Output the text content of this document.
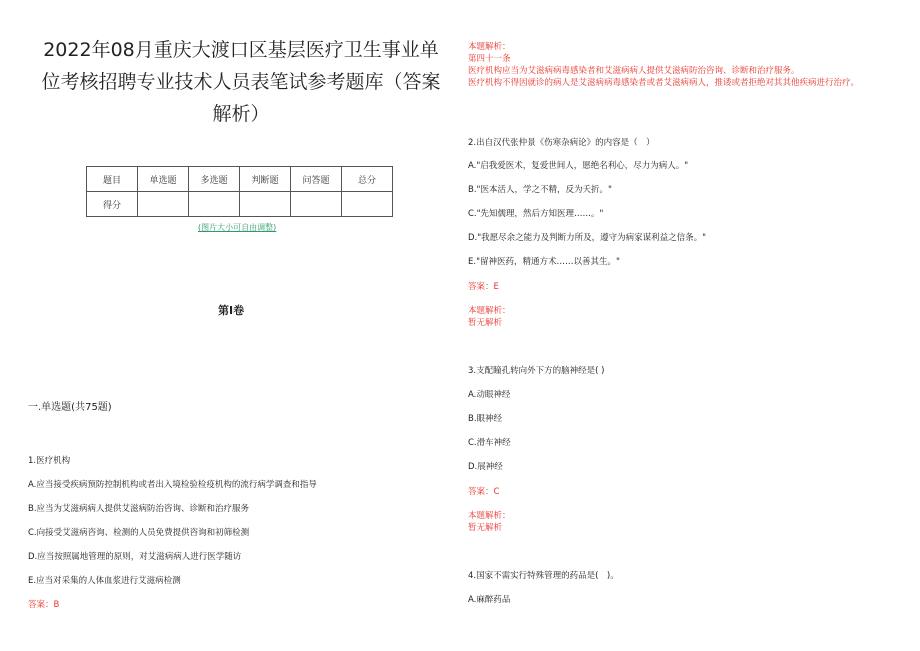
2022年08月重庆大渡口区基层医疗卫生事业单
位考核招聘专业技术人员表笔试参考题库（答案
解析）
题目	单选题	多选题	判断题	问答题	总分
得分					
(图片大小可自由调整)
第Ⅰ卷
一.单选题(共75题)
1.医疗机构
A.应当接受疾病预防控制机构或者出入境检验检疫机构的流行病学调查和指导
B.应当为艾滋病病人提供艾滋病防治咨询、诊断和治疗服务
C.向接受艾滋病咨询、检测的人员免费提供咨询和初筛检测
D.应当按照属地管理的原则，对艾滋病病人进行医学随访
E.应当对采集的人体血浆进行艾滋病检测
答案：B
本题解析：
第四十一条
医疗机构应当为艾滋病病毒感染者和艾滋病病人提供艾滋病防治咨询、诊断和治疗服务。
医疗机构不得因就诊的病人是艾滋病病毒感染者或者艾滋病病人，推诿或者拒绝对其其他疾病进行治疗。
2.出自汉代张仲景《伤寒杂病论》的内容是（　）
A."启我爱医术，复爱世间人，愿绝名利心，尽力为病人。"
B."医本活人，学之不精，反为夭折。"
C."先知儒理，然后方知医理……。"
D."我愿尽余之能力及判断力所及，遵守为病家谋利益之信条。"
E."留神医药，精通方术……以善其生。"
答案：E
本题解析：
暂无解析
3.支配瞳孔转向外下方的脑神经是( )
A.动眼神经
B.眼神经
C.滑车神经
D.展神经
答案：C
本题解析：
暂无解析
4.国家不需实行特殊管理的药品是(　)。
A.麻醉药品
